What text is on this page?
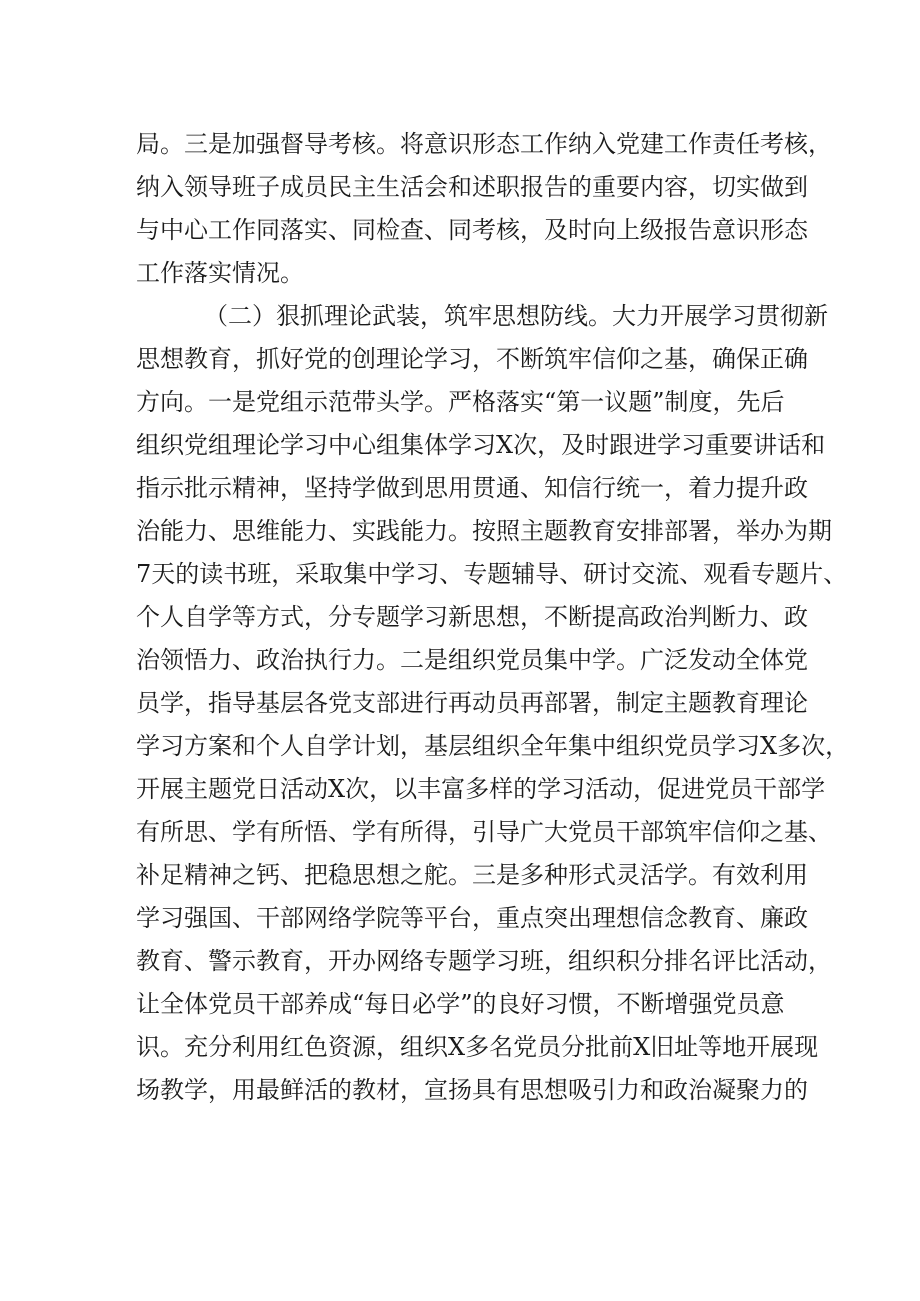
局。三是加强督导考核。将意识形态工作纳入党建工作责任考核，
纳入领导班子成员民主生活会和述职报告的重要内容，切实做到
与中心工作同落实、同检查、同考核，及时向上级报告意识形态
工作落实情况。
（二）狠抓理论武装，筑牢思想防线。大力开展学习贯彻新
思想教育，抓好党的创理论学习，不断筑牢信仰之基，确保正确
方向。一是党组示范带头学。严格落实“第一议题”制度，先后
组织党组理论学习中心组集体学习X次，及时跟进学习重要讲话和
指示批示精神，坚持学做到思用贯通、知信行统一，着力提升政
治能力、思维能力、实践能力。按照主题教育安排部署，举办为期
7天的读书班，采取集中学习、专题辅导、研讨交流、观看专题片、
个人自学等方式，分专题学习新思想，不断提高政治判断力、政
治领悟力、政治执行力。二是组织党员集中学。广泛发动全体党
员学，指导基层各党支部进行再动员再部署，制定主题教育理论
学习方案和个人自学计划，基层组织全年集中组织党员学习X多次，
开展主题党日活动X次，以丰富多样的学习活动，促进党员干部学
有所思、学有所悟、学有所得，引导广大党员干部筑牢信仰之基、
补足精神之钙、把稳思想之舵。三是多种形式灵活学。有效利用
学习强国、干部网络学院等平台，重点突出理想信念教育、廉政
教育、警示教育，开办网络专题学习班，组织积分排名评比活动，
让全体党员干部养成“每日必学”的良好习惯，不断增强党员意
识。充分利用红色资源，组织X多名党员分批前X旧址等地开展现
场教学，用最鲜活的教材，宣扬具有思想吸引力和政治凝聚力的
